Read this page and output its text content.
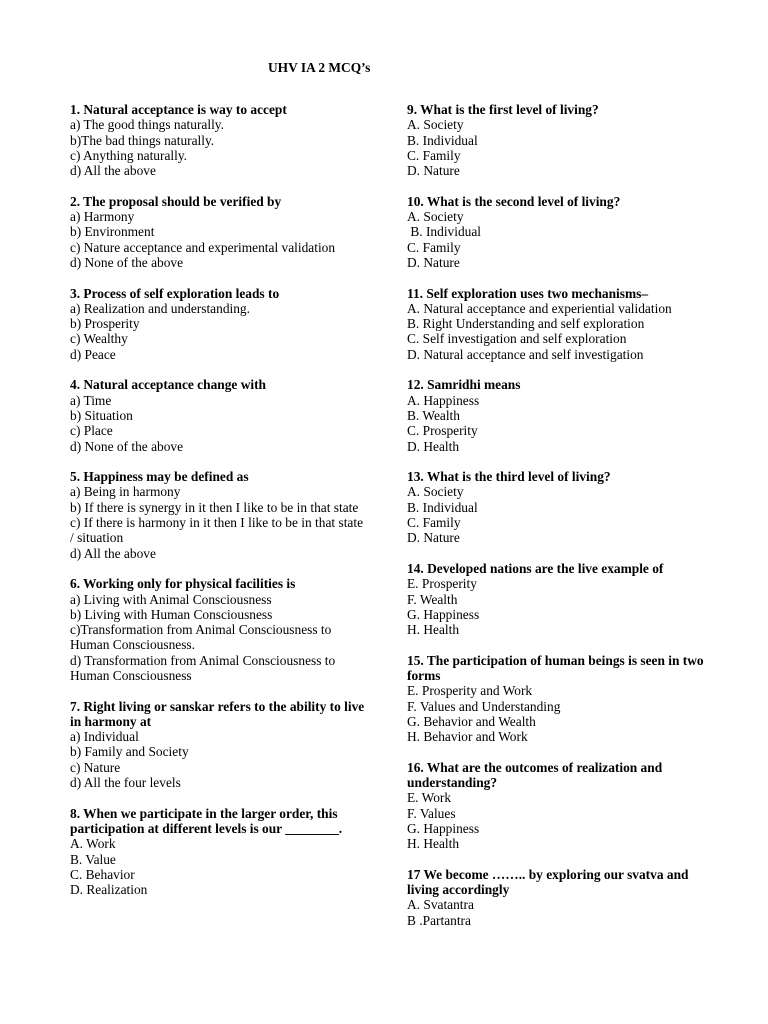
UHV IA 2 MCQ’s
1. Natural acceptance is way to accept
a) The good things naturally.
b)The bad things naturally.
c) Anything naturally.
d) All the above
2. The proposal should be verified by
a) Harmony
b) Environment
c) Nature acceptance and experimental validation
d) None of the above
3. Process of self exploration leads to
a) Realization and understanding.
b) Prosperity
c) Wealthy
d) Peace
4. Natural acceptance change with
a) Time
b) Situation
c) Place
d) None of the above
5. Happiness may be defined as
a) Being in harmony
b) If there is synergy in it then I like to be in that state
c) If there is harmony in it then I like to be in that state / situation
d) All the above
6. Working only for physical facilities is
a) Living with Animal Consciousness
b) Living with Human Consciousness
c)Transformation from Animal Consciousness to Human Consciousness.
d) Transformation from Animal Consciousness to Human Consciousness
7. Right living or sanskar refers to the ability to live in harmony at
a) Individual
b) Family and Society
c) Nature
d) All the four levels
8. When we participate in the larger order, this participation at different levels is our ________.
A. Work
B. Value
C. Behavior
D. Realization
9. What is the first level of living?
A. Society
B. Individual
C. Family
D. Nature
10. What is the second level of living?
A. Society
B. Individual
C. Family
D. Nature
11. Self exploration uses two mechanisms–
A. Natural acceptance and experiential validation
B. Right Understanding and self exploration
C. Self investigation and self exploration
D. Natural acceptance and self investigation
12. Samridhi means
A. Happiness
B. Wealth
C. Prosperity
D. Health
13. What is the third level of living?
A. Society
B. Individual
C. Family
D. Nature
14. Developed nations are the live example of
E. Prosperity
F. Wealth
G. Happiness
H. Health
15. The participation of human beings is seen in two forms
E. Prosperity and Work
F. Values and Understanding
G. Behavior and Wealth
H. Behavior and Work
16. What are the outcomes of realization and understanding?
E. Work
F. Values
G. Happiness
H. Health
17 We become …….. by exploring our svatva and living accordingly
A. Svatantra
B .Partantra
